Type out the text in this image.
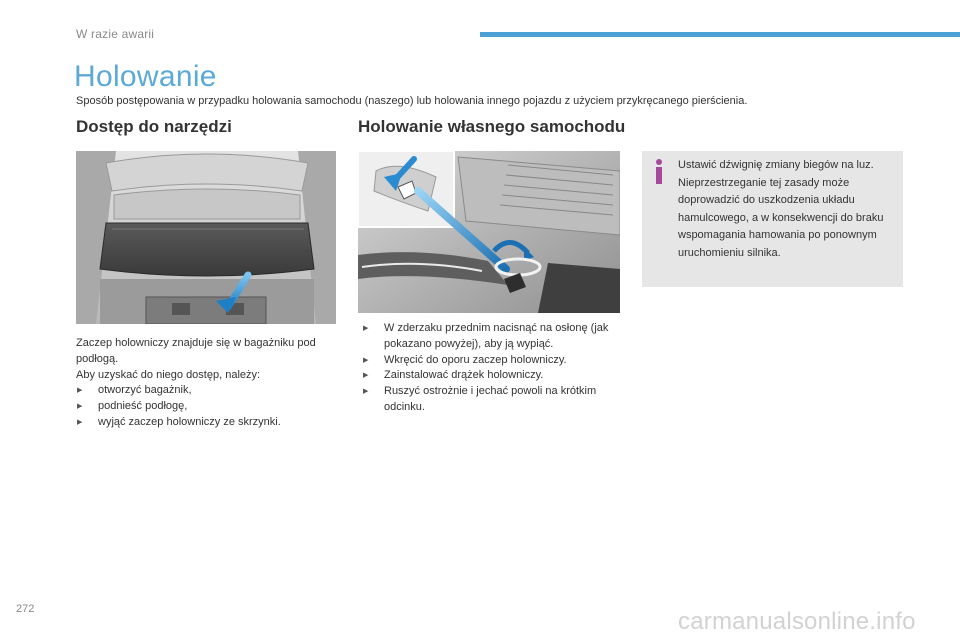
W razie awarii
Holowanie

Sposób postępowania w przypadku holowania samochodu (naszego) lub holowania innego pojazdu z użyciem przykręcanego pierścienia.

Dostęp do narzędzi	Holowanie własnego samochodu

Zaczep holowniczy znajduje się w bagażniku pod podłogą.

Aby uzyskać do niego dostęp, należy:

▶ otworzyć bagażnik,
▶ podnieść podłogę,
▶ wyjąć zaczep holowniczy ze skrzynki.
▶ W zderzaku przednim nacisnąć na osłonę (jak pokazano powyżej), aby ją wypiąć.
▶ Wkręcić do oporu zaczep holowniczy.
▶ Zainstalować drążek holowniczy.
▶ Ruszyć ostrożnie i jechać powoli na krótkim odcinku.

Ustawić dźwignię zmiany biegów na luz. Nieprzestrzeganie tej zasady może doprowadzić do uszkodzenia układu hamulcowego, a w konsekwencji do braku wspomagania hamowania po ponownym uruchomieniu silnika.

272	carmanualsonline.info
